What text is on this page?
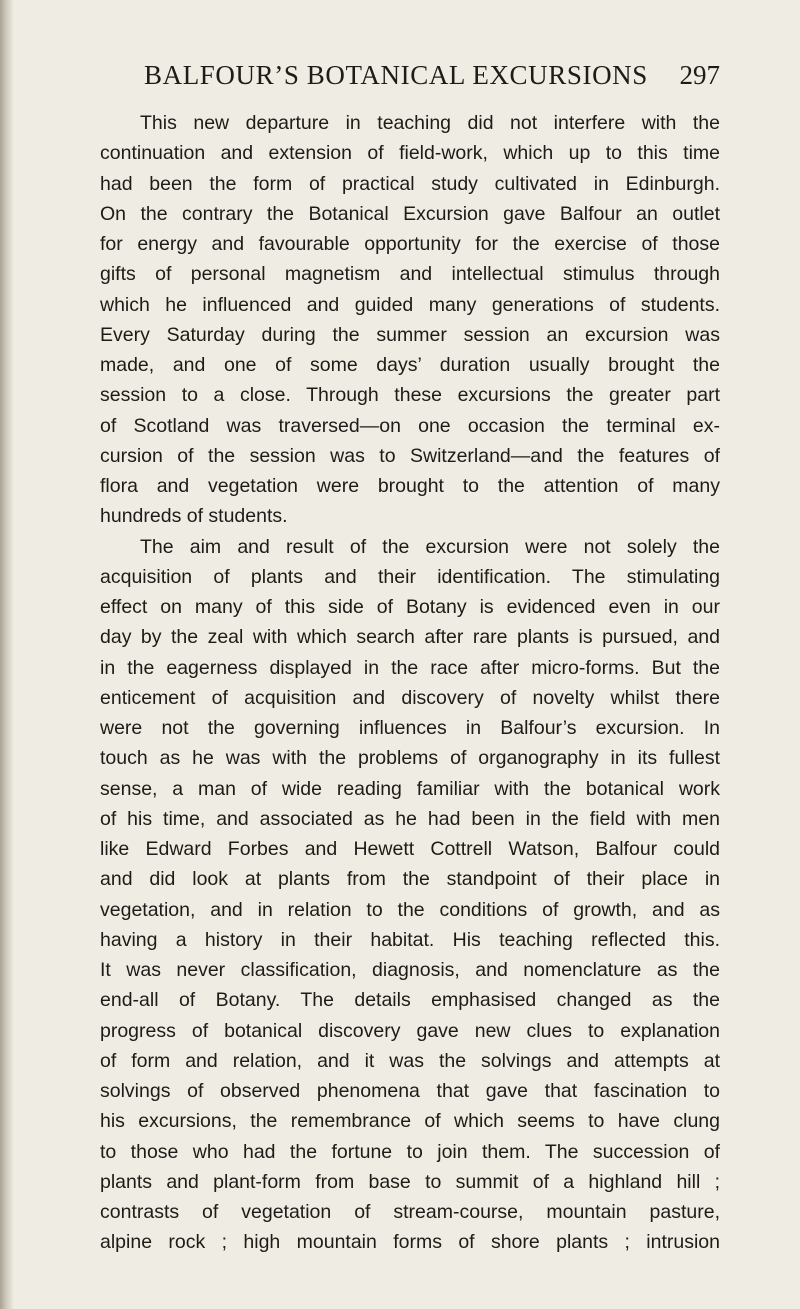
BALFOUR’S BOTANICAL EXCURSIONS 297
This new departure in teaching did not interfere with the
continuation and extension of field-work, which up to this time
had been the form of practical study cultivated in Edinburgh.
On the contrary the Botanical Excursion gave Balfour an outlet
for energy and favourable opportunity for the exercise of those
gifts of personal magnetism and intellectual stimulus through
which he influenced and guided many generations of students.
Every Saturday during the summer session an excursion was
made, and one of some days’ duration usually brought the
session to a close. Through these excursions the greater part
of Scotland was traversed—on one occasion the terminal ex-
cursion of the session was to Switzerland—and the features of
flora and vegetation were brought to the attention of many
hundreds of students.
The aim and result of the excursion were not solely the
acquisition of plants and their identification. The stimulating
effect on many of this side of Botany is evidenced even in our
day by the zeal with which search after rare plants is pursued, and
in the eagerness displayed in the race after micro-forms. But the
enticement of acquisition and discovery of novelty whilst there
were not the governing influences in Balfour’s excursion. In
touch as he was with the problems of organography in its fullest
sense, a man of wide reading familiar with the botanical work
of his time, and associated as he had been in the field with men
like Edward Forbes and Hewett Cottrell Watson, Balfour could
and did look at plants from the standpoint of their place in
vegetation, and in relation to the conditions of growth, and as
having a history in their habitat. His teaching reflected this.
It was never classification, diagnosis, and nomenclature as the
end-all of Botany. The details emphasised changed as the
progress of botanical discovery gave new clues to explanation
of form and relation, and it was the solvings and attempts at
solvings of observed phenomena that gave that fascination to
his excursions, the remembrance of which seems to have clung
to those who had the fortune to join them. The succession of
plants and plant-form from base to summit of a highland hill ;
contrasts of vegetation of stream-course, mountain pasture,
alpine rock ; high mountain forms of shore plants ; intrusion
